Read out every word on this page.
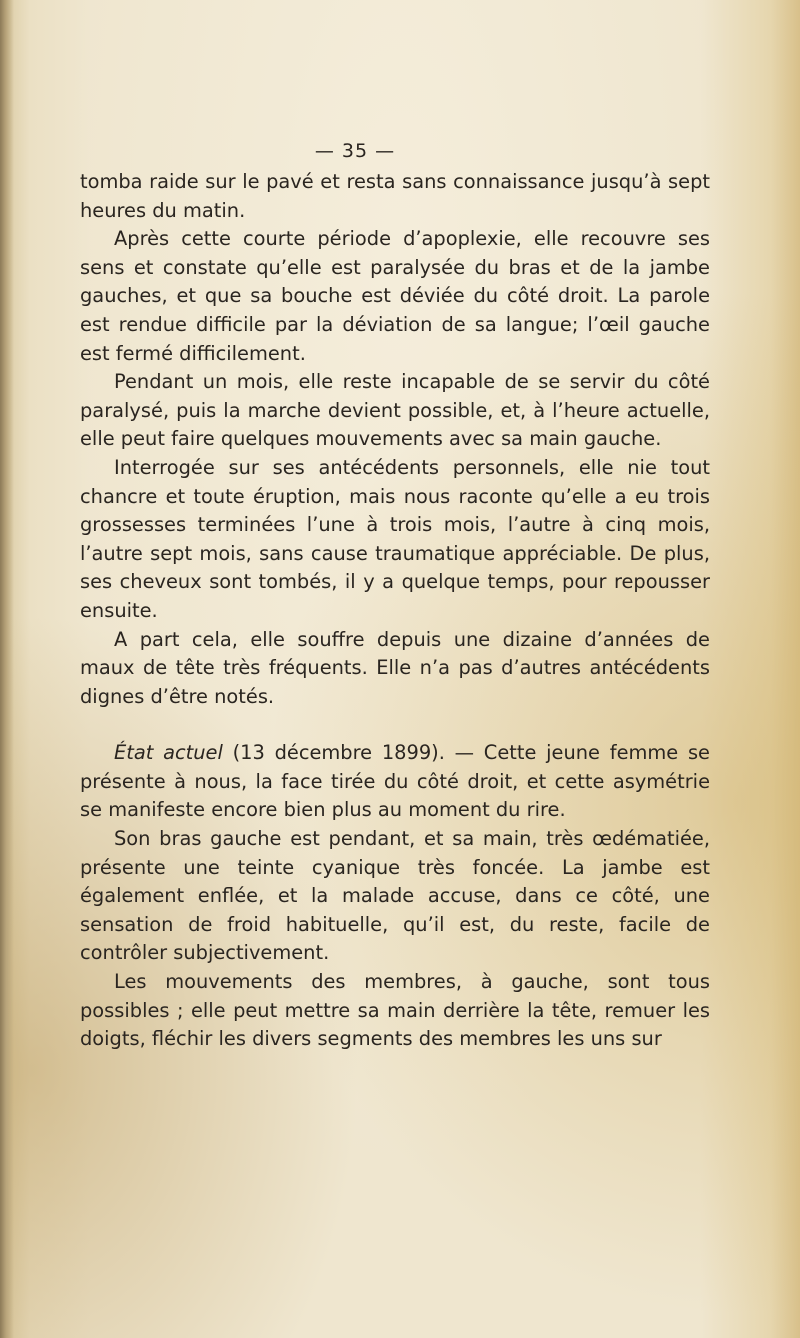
— 35 —

tomba raide sur le pavé et resta sans connaissance jusqu’à sept heures du matin.

Après cette courte période d’apoplexie, elle recouvre ses sens et constate qu’elle est paralysée du bras et de la jambe gauches, et que sa bouche est déviée du côté droit. La parole est rendue difficile par la déviation de sa langue; l’œil gauche est fermé difficilement.

Pendant un mois, elle reste incapable de se servir du côté paralysé, puis la marche devient possible, et, à l’heure actuelle, elle peut faire quelques mouvements avec sa main gauche.

Interrogée sur ses antécédents personnels, elle nie tout chancre et toute éruption, mais nous raconte qu’elle a eu trois grossesses terminées l’une à trois mois, l’autre à cinq mois, l’autre sept mois, sans cause traumatique appréciable. De plus, ses cheveux sont tombés, il y a quelque temps, pour repousser ensuite.

A part cela, elle souffre depuis une dizaine d’années de maux de tête très fréquents. Elle n’a pas d’autres antécédents dignes d’être notés.

État actuel (13 décembre 1899). — Cette jeune femme se présente à nous, la face tirée du côté droit, et cette asymétrie se manifeste encore bien plus au moment du rire.

Son bras gauche est pendant, et sa main, très œdématiée, présente une teinte cyanique très foncée. La jambe est également enflée, et la malade accuse, dans ce côté, une sensation de froid habituelle, qu’il est, du reste, facile de contrôler subjectivement.

Les mouvements des membres, à gauche, sont tous possibles ; elle peut mettre sa main derrière la tête, remuer les doigts, fléchir les divers segments des membres les uns sur
